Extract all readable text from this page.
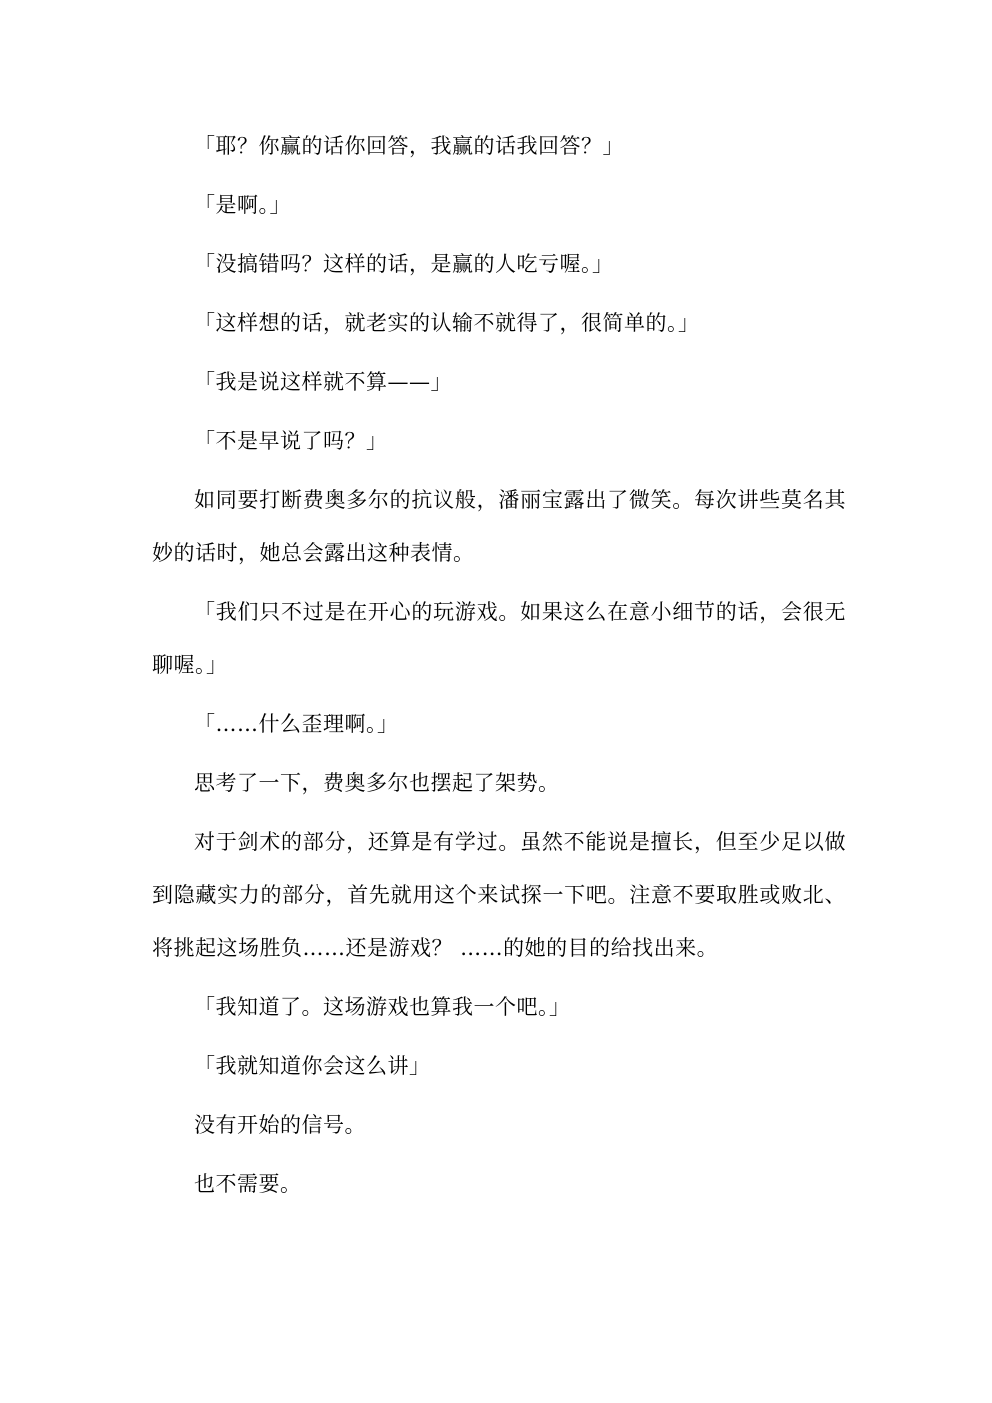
「耶？你赢的话你回答，我赢的话我回答？」

「是啊。」

「没搞错吗？这样的话，是赢的人吃亏喔。」

「这样想的话，就老实的认输不就得了，很简单的。」

「我是说这样就不算——」

「不是早说了吗？」

如同要打断费奥多尔的抗议般，潘丽宝露出了微笑。每次讲些莫名其妙的话时，她总会露出这种表情。

「我们只不过是在开心的玩游戏。如果这么在意小细节的话，会很无聊喔。」

「……什么歪理啊。」

思考了一下，费奥多尔也摆起了架势。

对于剑术的部分，还算是有学过。虽然不能说是擅长，但至少足以做到隐藏实力的部分，首先就用这个来试探一下吧。注意不要取胜或败北、将挑起这场胜负……还是游戏？ ……的她的目的给找出来。

「我知道了。这场游戏也算我一个吧。」

「我就知道你会这么讲」

没有开始的信号。

也不需要。
